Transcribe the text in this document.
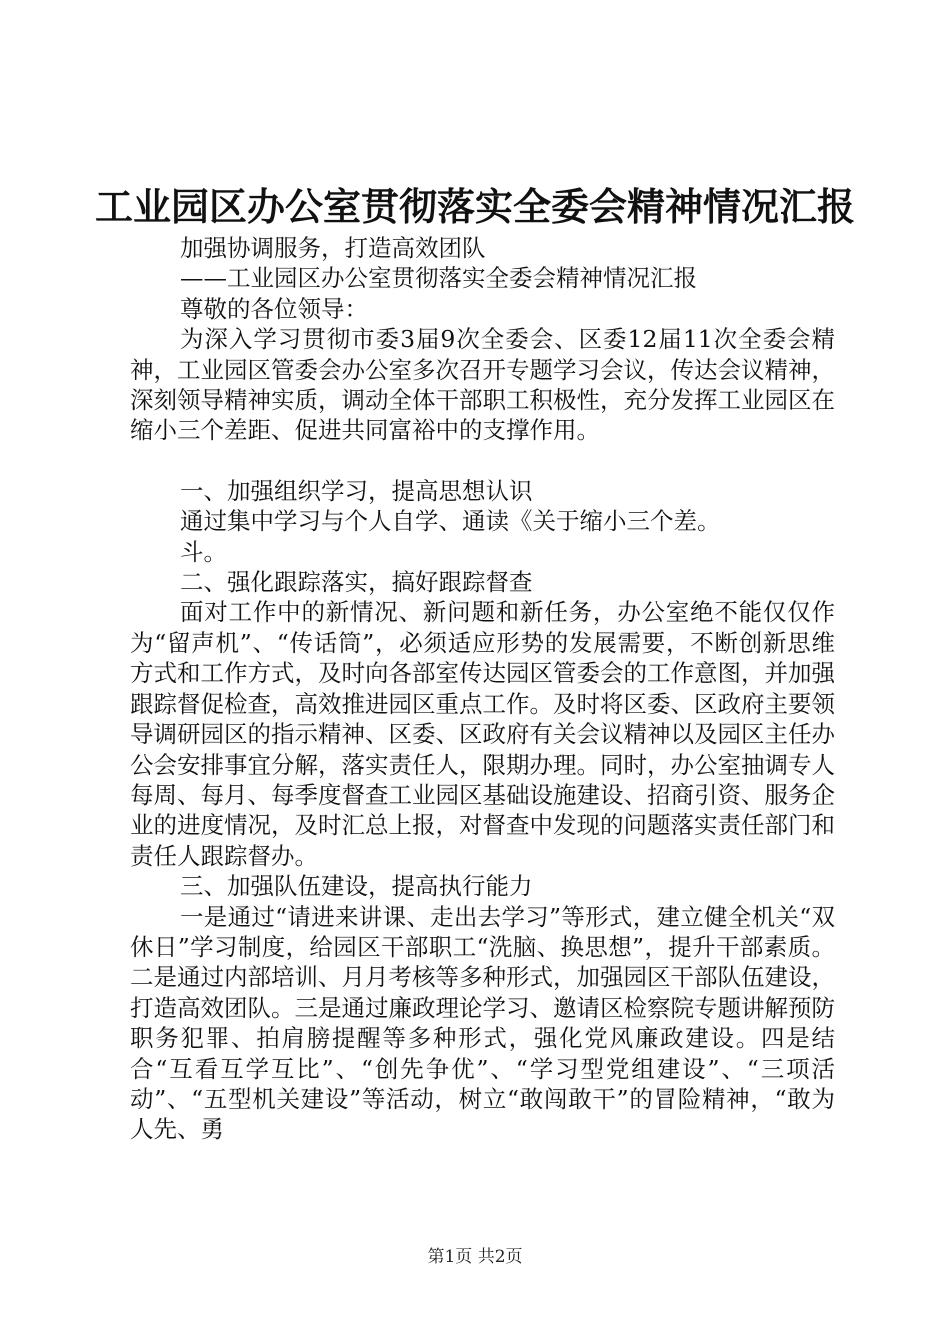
工业园区办公室贯彻落实全委会精神情况汇报

加强协调服务，打造高效团队

——工业园区办公室贯彻落实全委会精神情况汇报

尊敬的各位领导：

为深入学习贯彻市委3届9次全委会、区委12届11次全委会精神，工业园区管委会办公室多次召开专题学习会议，传达会议精神，深刻领导精神实质，调动全体干部职工积极性，充分发挥工业园区在缩小三个差距、促进共同富裕中的支撑作用。

一、加强组织学习，提高思想认识

通过集中学习与个人自学、通读《关于缩小三个差。

斗。

二、强化跟踪落实，搞好跟踪督查

面对工作中的新情况、新问题和新任务，办公室绝不能仅仅作为“留声机”、“传话筒”，必须适应形势的发展需要，不断创新思维方式和工作方式，及时向各部室传达园区管委会的工作意图，并加强跟踪督促检查，高效推进园区重点工作。及时将区委、区政府主要领导调研园区的指示精神、区委、区政府有关会议精神以及园区主任办公会安排事宜分解，落实责任人，限期办理。同时，办公室抽调专人每周、每月、每季度督查工业园区基础设施建设、招商引资、服务企业的进度情况，及时汇总上报，对督查中发现的问题落实责任部门和责任人跟踪督办。

三、加强队伍建设，提高执行能力

一是通过“请进来讲课、走出去学习”等形式，建立健全机关“双休日”学习制度，给园区干部职工“洗脑、换思想”，提升干部素质。二是通过内部培训、月月考核等多种形式，加强园区干部队伍建设，打造高效团队。三是通过廉政理论学习、邀请区检察院专题讲解预防职务犯罪、拍肩膀提醒等多种形式，强化党风廉政建设。四是结合“互看互学互比”、“创先争优”、“学习型党组建设”、“三项活动”、“五型机关建设”等活动，树立“敢闯敢干”的冒险精神，“敢为人先、勇

第1页 共2页
